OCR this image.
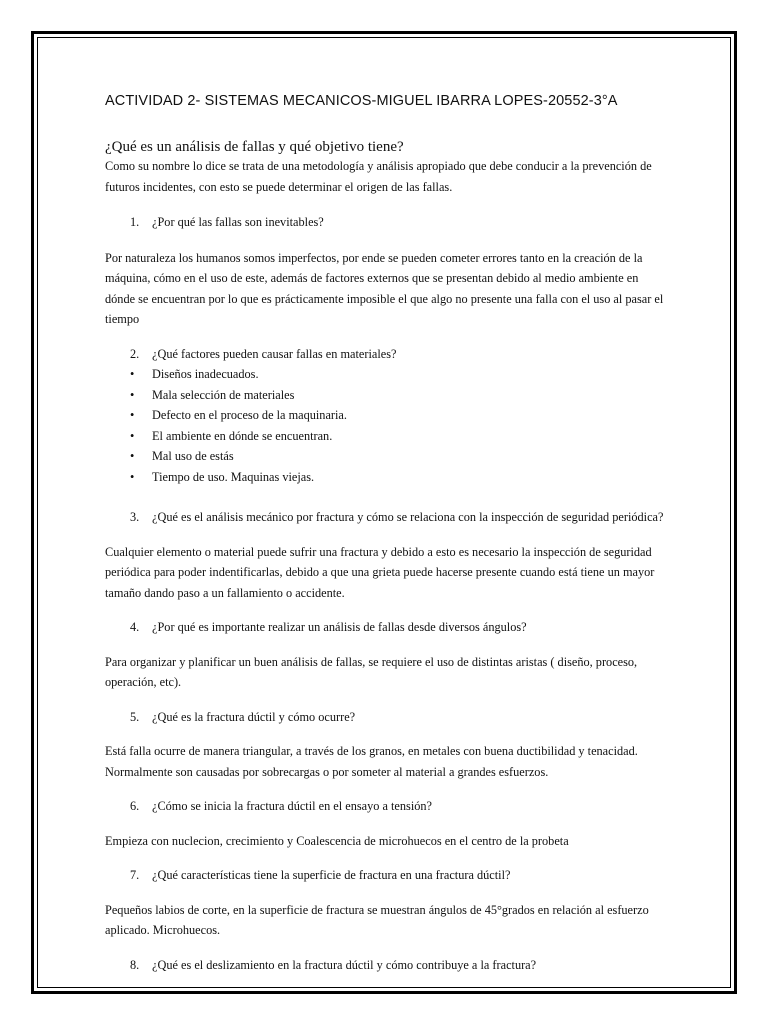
ACTIVIDAD 2- SISTEMAS MECANICOS-MIGUEL IBARRA LOPES-20552-3°A
¿Qué es un análisis de fallas y qué objetivo tiene?

Como su nombre lo dice se trata de una metodología y análisis apropiado que debe conducir a la prevención de futuros incidentes, con esto se puede determinar el origen de las fallas.

1. ¿Por qué las fallas son inevitables?

Por naturaleza los humanos somos imperfectos, por ende se pueden cometer errores tanto en la creación de la máquina, cómo en el uso de este, además de factores externos que se presentan debido al medio ambiente en dónde se encuentran por lo que es prácticamente imposible el que algo no presente una falla con el uso al pasar el tiempo

2. ¿Qué factores pueden causar fallas en materiales?
• Diseños inadecuados.
• Mala selección de materiales
• Defecto en el proceso de la maquinaria.
• El ambiente en dónde se encuentran.
• Mal uso de estás
• Tiempo de uso. Maquinas viejas.
3. ¿Qué es el análisis mecánico por fractura y cómo se relaciona con la inspección de seguridad periódica?

Cualquier elemento o material puede sufrir una fractura y debido a esto es necesario la inspección de seguridad periódica para poder indentificarlas, debido a que una grieta puede hacerse presente cuando está tiene un mayor tamaño dando paso a un fallamiento o accidente.

4. ¿Por qué es importante realizar un análisis de fallas desde diversos ángulos?

Para organizar y planificar un buen análisis de fallas, se requiere el uso de distintas aristas ( diseño, proceso, operación, etc).

5. ¿Qué es la fractura dúctil y cómo ocurre?

Está falla ocurre de manera triangular, a través de los granos, en metales con buena ductibilidad y tenacidad. Normalmente son causadas por sobrecargas o por someter al material a grandes esfuerzos.

6. ¿Cómo se inicia la fractura dúctil en el ensayo a tensión?

Empieza con nuclecion, crecimiento y Coalescencia de microhuecos en el centro de la probeta

7. ¿Qué características tiene la superficie de fractura en una fractura dúctil?

Pequeños labios de corte, en la superficie de fractura se muestran ángulos de 45°grados en relación al esfuerzo aplicado. Microhuecos.

8. ¿Qué es el deslizamiento en la fractura dúctil y cómo contribuye a la fractura?
